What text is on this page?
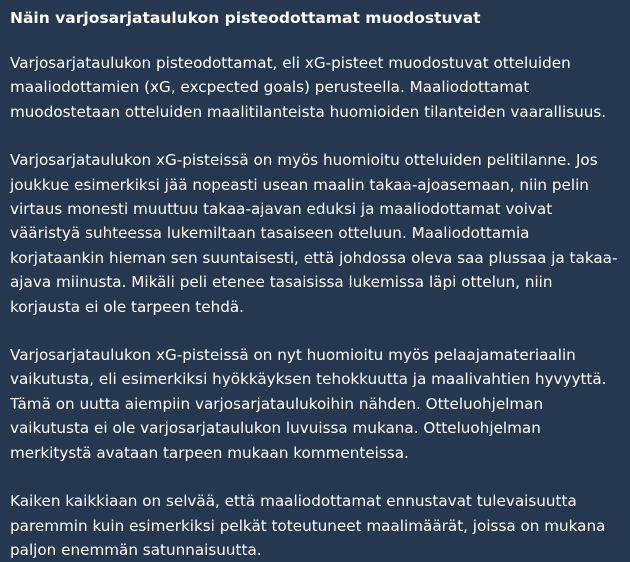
Näin varjosarjataulukon pisteodottamat muodostuvat

Varjosarjataulukon pisteodottamat, eli xG-pisteet muodostuvat otteluiden maaliodottamien (xG, excpected goals) perusteella. Maaliodottamat muodostetaan otteluiden maalitilanteista huomioiden tilanteiden vaarallisuus.

Varjosarjataulukon xG-pisteissä on myös huomioitu otteluiden pelitilanne. Jos joukkue esimerkiksi jää nopeasti usean maalin takaa-ajoasemaan, niin pelin virtaus monesti muuttuu takaa-ajavan eduksi ja maaliodottamat voivat vääristyä suhteessa lukemiltaan tasaiseen otteluun. Maaliodottamia korjataankin hieman sen suuntaisesti, että johdossa oleva saa plussaa ja takaa-ajava miinusta. Mikäli peli etenee tasaisissa lukemissa läpi ottelun, niin korjausta ei ole tarpeen tehdä.

Varjosarjataulukon xG-pisteissä on nyt huomioitu myös pelaajamateriaalin vaikutusta, eli esimerkiksi hyökkäyksen tehokkuutta ja maalivahtien hyvyyttä. Tämä on uutta aiempiin varjosarjataulukoihin nähden. Otteluohjelman vaikutusta ei ole varjosarjataulukon luvuissa mukana. Otteluohjelman merkitystä avataan tarpeen mukaan kommenteissa.

Kaiken kaikkiaan on selvää, että maaliodottamat ennustavat tulevaisuutta paremmin kuin esimerkiksi pelkät toteutuneet maalimäärät, joissa on mukana paljon enemmän satunnaisuutta.
